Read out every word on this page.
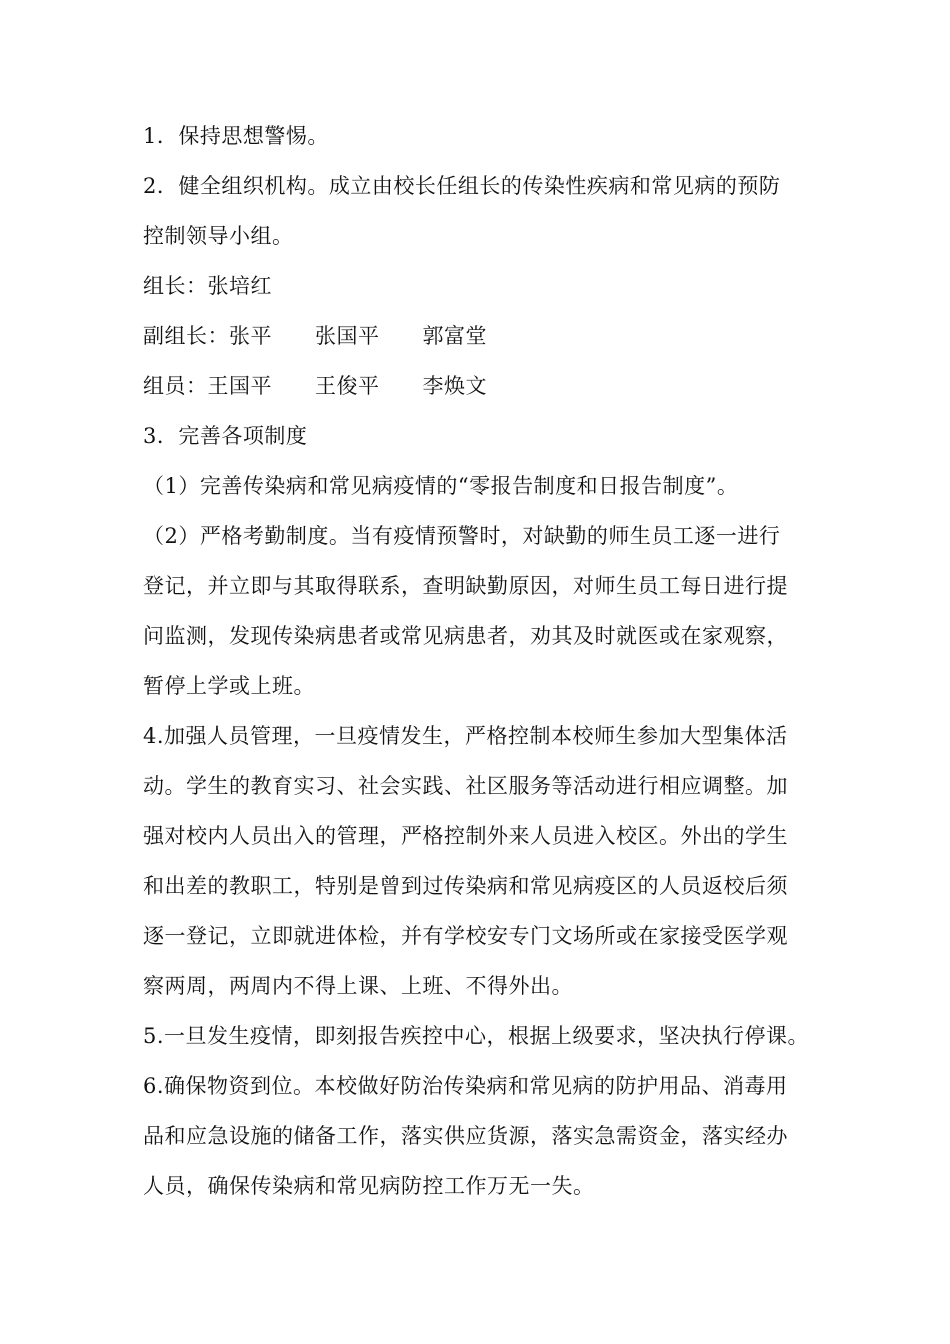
1．保持思想警惕。
2．健全组织机构。成立由校长任组长的传染性疾病和常见病的预防
控制领导小组。
组长：张培红
副组长：张平　　张国平　　郭富堂
组员：王国平　　王俊平　　李焕文
3．完善各项制度
（1）完善传染病和常见病疫情的“零报告制度和日报告制度”。
（2）严格考勤制度。当有疫情预警时，对缺勤的师生员工逐一进行
登记，并立即与其取得联系，查明缺勤原因，对师生员工每日进行提
问监测，发现传染病患者或常见病患者，劝其及时就医或在家观察，
暂停上学或上班。
4.加强人员管理，一旦疫情发生，严格控制本校师生参加大型集体活
动。学生的教育实习、社会实践、社区服务等活动进行相应调整。加
强对校内人员出入的管理，严格控制外来人员进入校区。外出的学生
和出差的教职工，特别是曾到过传染病和常见病疫区的人员返校后须
逐一登记，立即就进体检，并有学校安专门文场所或在家接受医学观
察两周，两周内不得上课、上班、不得外出。
5.一旦发生疫情，即刻报告疾控中心，根据上级要求，坚决执行停课。
6.确保物资到位。本校做好防治传染病和常见病的防护用品、消毒用
品和应急设施的储备工作，落实供应货源，落实急需资金，落实经办
人员，确保传染病和常见病防控工作万无一失。
